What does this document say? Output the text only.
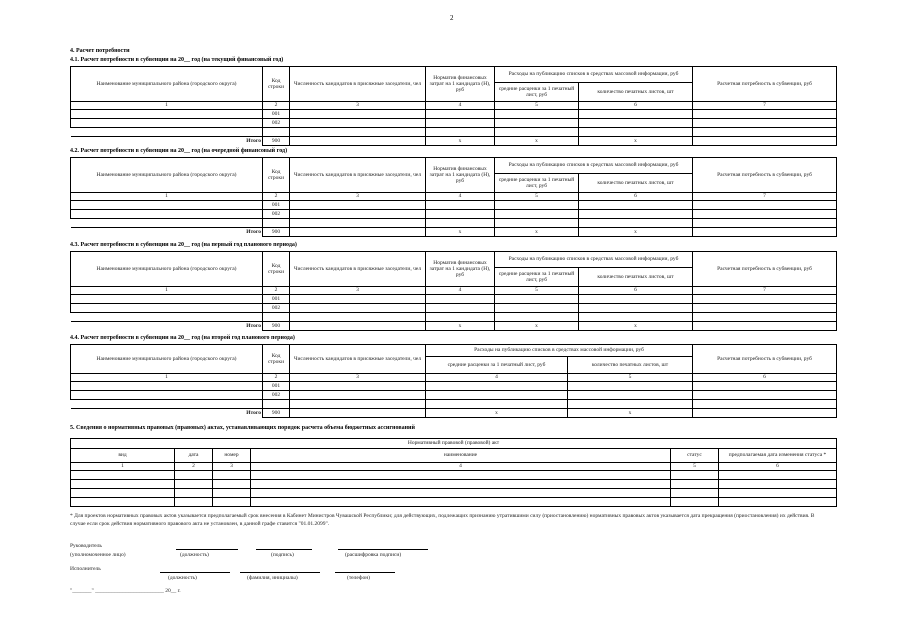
2
4. Расчет потребности
4.1. Расчет потребности в субвенции на 20__ год (на текущий финансовый год)
Наименование муниципального района (городского округа)	Код строки	Численность кандидатов в присяжные заседатели, чел	Норматив финансовых затрат на 1 кандидата (Н), руб	Расходы на публикацию списков в средствах массовой информации, руб		Расчетная потребность в субвенции, руб
				средние расценки за 1 печатный лист, руб	количество печатных листов, шт	
1	2	3	4	5	6	7
	001					
	002					

Итого	900		х	х	х	
4.2. Расчет потребности в субвенции на 20__ год (на очередной финансовый год)
Наименование муниципального района (городского округа)	Код строки	Численность кандидатов в присяжные заседатели, чел	Норматив финансовых затрат на 1 кандидата (Н), руб	Расходы на публикацию списков в средствах массовой информации, руб		Расчетная потребность в субвенции, руб
				средние расценки за 1 печатный лист, руб	количество печатных листов, шт	
1	2	3	4	5	6	7
	001					
	002					

Итого	900		х	х	х	
4.3. Расчет потребности в субвенции на 20__ год (на первый год планового периода)
Наименование муниципального района (городского округа)	Код строки	Численность кандидатов в присяжные заседатели, чел	Норматив финансовых затрат на 1 кандидата (Н), руб	Расходы на публикацию списков в средствах массовой информации, руб		Расчетная потребность в субвенции, руб
				средние расценки за 1 печатный лист, руб	количество печатных листов, шт	
1	2	3	4	5	6	7
	001					
	002					

Итого	900		х	х	х	
4.4. Расчет потребности в субвенции на 20__ год (на второй год планового периода)
Наименование муниципального района (городского округа)	Код строки	Численность кандидатов в присяжные заседатели, чел	Расходы на публикацию списков в средствах массовой информации, руб		Расчетная потребность в субвенции, руб
			средние расценки за 1 печатный лист, руб	количество печатных листов, шт	
1	2	3	4	5	6
	001				
	002				

Итого	900		х	х	
5. Сведения о нормативных правовых (правовых) актах, устанавливающих порядок расчета объема бюджетных ассигнований
Нормативный правовой (правовой) акт					
вид	дата	номер	наименование	статус	предполагаемая дата изменения статуса *
1	2	3	4	5	6

* Для проектов нормативных правовых актов указывается предполагаемый срок внесения в Кабинет Министров Чувашской Республики; для действующих, подлежащих признанию утратившими силу (приостановлению) нормативных правовых актов указывается дата прекращения (приостановления) их действия. В случае если срок действия нормативного правового акта не установлен, в данной графе ставится "01.01.2099".
Руководитель
(уполномоченное лицо)	(должность)	(подпись)	(расшифровка подписи)
Исполнитель
(должность)	(фамилия, инициалы)	(телефон)
"_______" _________________________ 20__ г.
